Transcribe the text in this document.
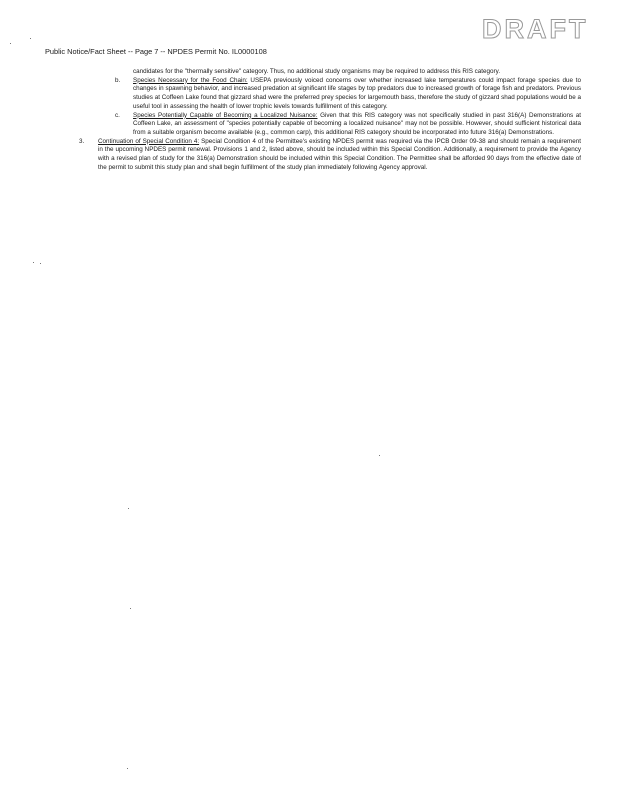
DRAFT
Public Notice/Fact Sheet -- Page 7 -- NPDES Permit No. IL0000108

candidates for the "thermally sensitive" category. Thus, no additional study organisms may be required to address this RIS category.

b. Species Necessary for the Food Chain: USEPA previously voiced concerns over whether increased lake temperatures could impact forage species due to changes in spawning behavior, and increased predation at significant life stages by top predators due to increased growth of forage fish and predators. Previous studies at Coffeen Lake found that gizzard shad were the preferred prey species for largemouth bass, therefore the study of gizzard shad populations would be a useful tool in assessing the health of lower trophic levels towards fulfillment of this category.

c. Species Potentially Capable of Becoming a Localized Nuisance: Given that this RIS category was not specifically studied in past 316(A) Demonstrations at Coffeen Lake, an assessment of "species potentially capable of becoming a localized nuisance" may not be possible. However, should sufficient historical data from a suitable organism become available (e.g., common carp), this additional RIS category should be incorporated into future 316(a) Demonstrations.

3. Continuation of Special Condition 4: Special Condition 4 of the Permittee's existing NPDES permit was required via the IPCB Order 09-38 and should remain a requirement in the upcoming NPDES permit renewal. Provisions 1 and 2, listed above, should be included within this Special Condition. Additionally, a requirement to provide the Agency with a revised plan of study for the 316(a) Demonstration should be included within this Special Condition. The Permittee shall be afforded 90 days from the effective date of the permit to submit this study plan and shall begin fulfillment of the study plan immediately following Agency approval.
